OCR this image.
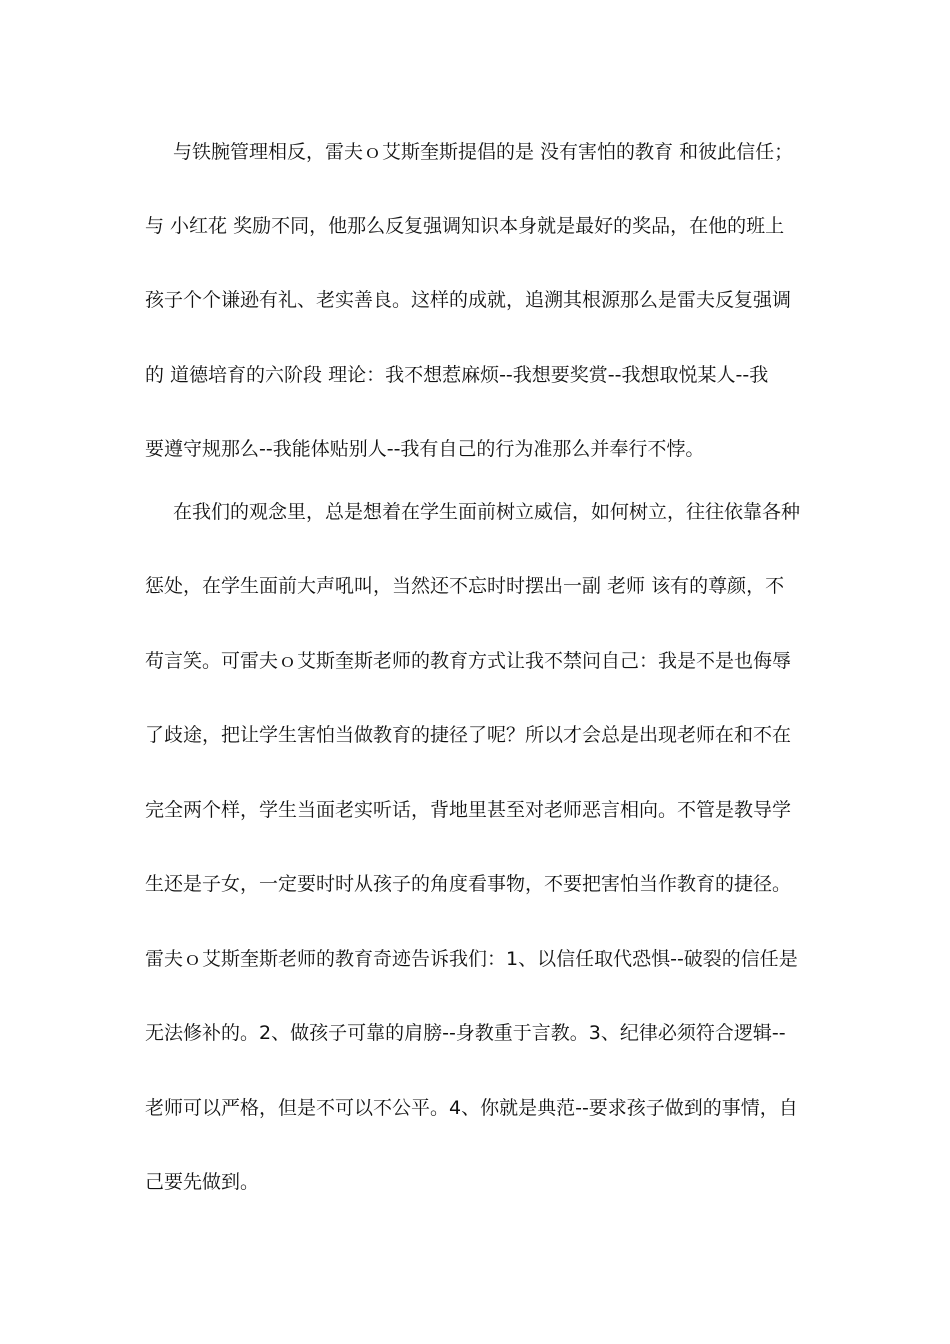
与铁腕管理相反，雷夫ｏ艾斯奎斯提倡的是 没有害怕的教育 和彼此信任；
与 小红花 奖励不同，他那么反复强调知识本身就是最好的奖品，在他的班上
孩子个个谦逊有礼、老实善良。这样的成就，追溯其根源那么是雷夫反复强调
的 道德培育的六阶段 理论：我不想惹麻烦--我想要奖赏--我想取悦某人--我
要遵守规那么--我能体贴别人--我有自己的行为准那么并奉行不悖。
在我们的观念里，总是想着在学生面前树立威信，如何树立，往往依靠各种
惩处，在学生面前大声吼叫，当然还不忘时时摆出一副 老师 该有的尊颜，不
苟言笑。可雷夫ｏ艾斯奎斯老师的教育方式让我不禁问自己：我是不是也侮辱
了歧途，把让学生害怕当做教育的捷径了呢？所以才会总是出现老师在和不在
完全两个样，学生当面老实听话，背地里甚至对老师恶言相向。不管是教导学
生还是子女，一定要时时从孩子的角度看事物，不要把害怕当作教育的捷径。
雷夫ｏ艾斯奎斯老师的教育奇迹告诉我们：1、以信任取代恐惧--破裂的信任是
无法修补的。2、做孩子可靠的肩膀--身教重于言教。3、纪律必须符合逻辑--
老师可以严格，但是不可以不公平。4、你就是典范--要求孩子做到的事情，自
己要先做到。
